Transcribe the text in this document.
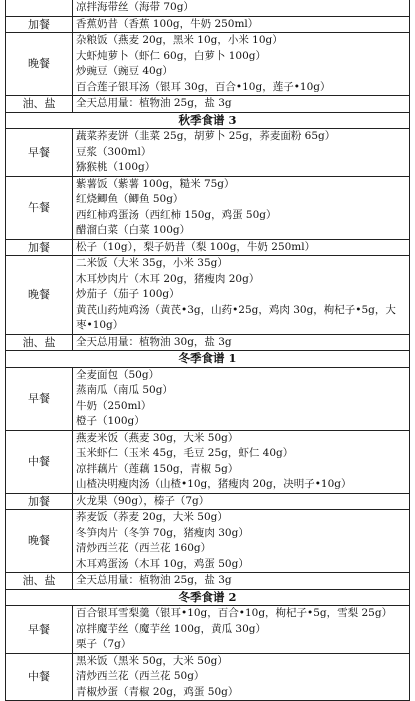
	凉拌海带丝（海带 70g）

加餐	香蕉奶昔（香蕉 100g，牛奶 250ml）

晚餐	杂粮饭（燕麦 20g，黑米 10g，小米 10g）
大虾炖萝卜（虾仁 60g，白萝卜 100g）
炒豌豆（豌豆 40g）
百合莲子银耳汤（银耳 30g，百合•10g，莲子•10g）

油、盐	全天总用量：植物油 25g，盐 3g

秋季食谱 3	
早餐	蔬菜荞麦饼（韭菜 25g，胡萝卜 25g，荞麦面粉 65g）
豆浆（300ml）
猕猴桃（100g）

午餐	紫薯饭（紫薯 100g，糙米 75g）
红烧鲫鱼（鲫鱼 50g）
西红柿鸡蛋汤（西红柿 150g，鸡蛋 50g）
醋溜白菜（白菜 100g）

加餐	松子（10g），梨子奶昔（梨 100g，牛奶 250ml）

晚餐	二米饭（大米 35g，小米 35g）
木耳炒肉片（木耳 20g，猪瘦肉 20g）
炒茄子（茄子 100g）
黄芪山药炖鸡汤（黄芪•3g，山药•25g，鸡肉 30g，枸杞子•5g，大
枣•10g）

油、盐	全天总用量：植物油 30g，盐 3g

冬季食谱 1	
早餐	全麦面包（50g）
蒸南瓜（南瓜 50g）
牛奶（250ml）
橙子（100g）

中餐	燕麦米饭（燕麦 30g，大米 50g）
玉米虾仁（玉米 45g，毛豆 25g，虾仁 40g）
凉拌藕片（莲藕 150g，青椒 5g）
山楂决明瘦肉汤（山楂•10g，猪瘦肉 20g，决明子•10g）

加餐	火龙果（90g），榛子（7g）

晚餐	荞麦饭（荞麦 20g，大米 50g）
冬笋肉片（冬笋 70g，猪瘦肉 30g）
清炒西兰花（西兰花 160g）
木耳鸡蛋汤（木耳 10g，鸡蛋 50g）

油、盐	全天总用量：植物油 25g，盐 3g

冬季食谱 2	
早餐	百合银耳雪梨羹（银耳•10g，百合•10g，枸杞子•5g，雪梨 25g）
凉拌魔芋丝（魔芋丝 100g，黄瓜 30g）
栗子（7g）

中餐	黑米饭（黑米 50g，大米 50g）
清炒西兰花（西兰花 50g）
青椒炒蛋（青椒 20g，鸡蛋 50g）
